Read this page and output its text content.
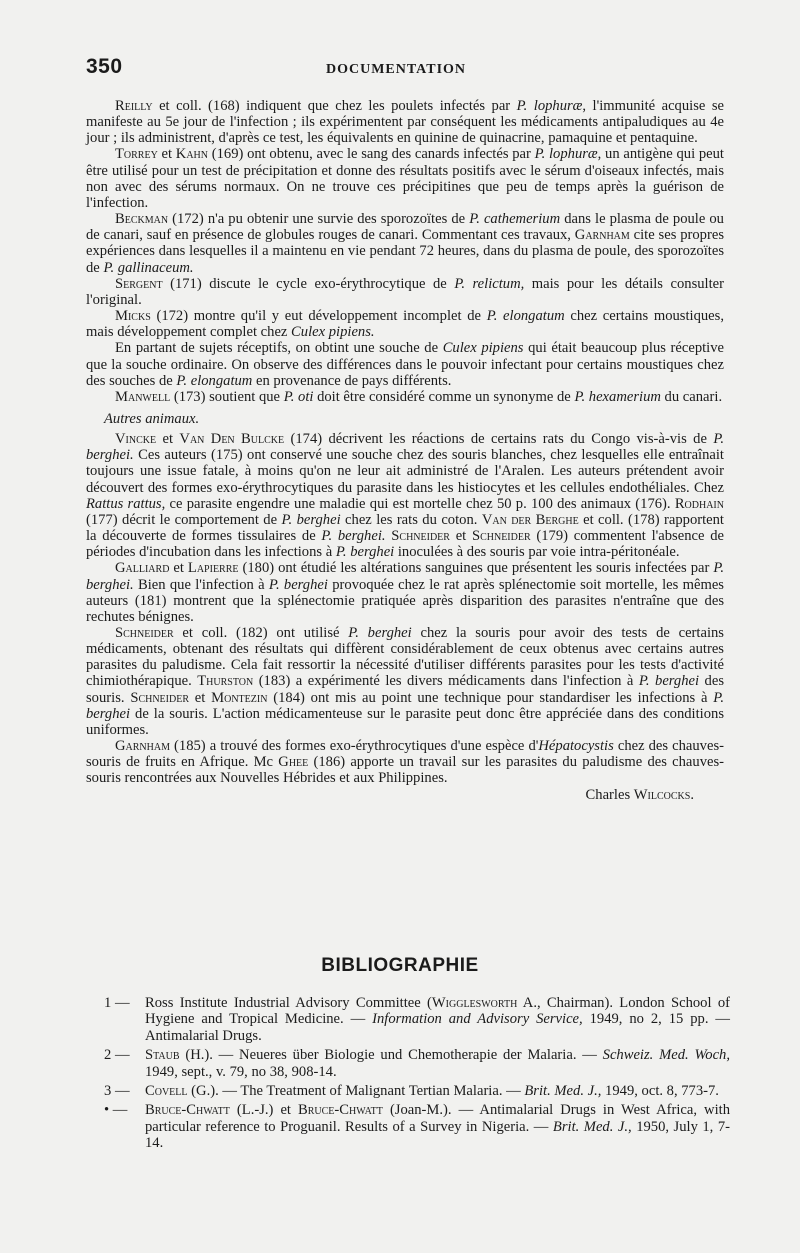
350	DOCUMENTATION

Reilly et coll. (168) indiquent que chez les poulets infectés par P. lophuræ, l'immunité acquise se manifeste au 5e jour de l'infection ; ils expérimentent par conséquent les médicaments antipaludiques au 4e jour ; ils administrent, d'après ce test, les équivalents en quinine de quinacrine, pamaquine et pentaquine.

Torrey et Kahn (169) ont obtenu, avec le sang des canards infectés par P. lophuræ, un antigène qui peut être utilisé pour un test de précipitation et donne des résultats positifs avec le sérum d'oiseaux infectés, mais non avec des sérums normaux. On ne trouve ces précipitines que peu de temps après la guérison de l'infection.

Beckman (172) n'a pu obtenir une survie des sporozoïtes de P. cathemerium dans le plasma de poule ou de canari, sauf en présence de globules rouges de canari. Commentant ces travaux, Garnham cite ses propres expériences dans lesquelles il a maintenu en vie pendant 72 heures, dans du plasma de poule, des sporozoïtes de P. gallinaceum.

Sergent (171) discute le cycle exo-érythrocytique de P. relictum, mais pour les détails consulter l'original.

Micks (172) montre qu'il y eut développement incomplet de P. elongatum chez certains moustiques, mais développement complet chez Culex pipiens.

En partant de sujets réceptifs, on obtint une souche de Culex pipiens qui était beaucoup plus réceptive que la souche ordinaire. On observe des différences dans le pouvoir infectant pour certains moustiques chez des souches de P. elongatum en provenance de pays différents.

Manwell (173) soutient que P. oti doit être considéré comme un synonyme de P. hexamerium du canari.

Autres animaux.

Vincke et Van Den Bulcke (174) décrivent les réactions de certains rats du Congo vis-à-vis de P. berghei. Ces auteurs (175) ont conservé une souche chez des souris blanches, chez lesquelles elle entraînait toujours une issue fatale, à moins qu'on ne leur ait administré de l'Aralen. Les auteurs prétendent avoir découvert des formes exo-érythrocytiques du parasite dans les histiocytes et les cellules endothéliales. Chez Rattus rattus, ce parasite engendre une maladie qui est mortelle chez 50 p. 100 des animaux (176). Rodhain (177) décrit le comportement de P. berghei chez les rats du coton. Van der Berghe et coll. (178) rapportent la découverte de formes tissulaires de P. berghei. Schneider et Schneider (179) commentent l'absence de périodes d'incubation dans les infections à P. berghei inoculées à des souris par voie intra-péritonéale.

Galliard et Lapierre (180) ont étudié les altérations sanguines que présentent les souris infectées par P. berghei. Bien que l'infection à P. berghei provoquée chez le rat après splénectomie soit mortelle, les mêmes auteurs (181) montrent que la splénectomie pratiquée après disparition des parasites n'entraîne que des rechutes bénignes.

Schneider et coll. (182) ont utilisé P. berghei chez la souris pour avoir des tests de certains médicaments, obtenant des résultats qui diffèrent considérablement de ceux obtenus avec certains autres parasites du paludisme. Cela fait ressortir la nécessité d'utiliser différents parasites pour les tests d'activité chimiothérapique. Thurston (183) a expérimenté les divers médicaments dans l'infection à P. berghei des souris. Schneider et Montezin (184) ont mis au point une technique pour standardiser les infections à P. berghei de la souris. L'action médicamenteuse sur le parasite peut donc être appréciée dans des conditions uniformes.

Garnham (185) a trouvé des formes exo-érythrocytiques d'une espèce d'Hépatocystis chez des chauves-souris de fruits en Afrique. Mc Ghee (186) apporte un travail sur les parasites du paludisme des chauves-souris rencontrées aux Nouvelles Hébrides et aux Philippines.

Charles Wilcocks.

BIBLIOGRAPHIE
1 — Ross Institute Industrial Advisory Committee (Wigglesworth A., Chairman). London School of Hygiene and Tropical Medicine. — Information and Advisory Service, 1949, no 2, 15 pp. — Antimalarial Drugs.
2 — Staub (H.). — Neueres über Biologie und Chemotherapie der Malaria. — Schweiz. Med. Woch, 1949, sept., v. 79, no 38, 908-14.
3 — Covell (G.). — The Treatment of Malignant Tertian Malaria. — Brit. Med. J., 1949, oct. 8, 773-7.
• — Bruce-Chwatt (L.-J.) et Bruce-Chwatt (Joan-M.). — Antimalarial Drugs in West Africa, with particular reference to Proguanil. Results of a Survey in Nigeria. — Brit. Med. J., 1950, July 1, 7-14.
